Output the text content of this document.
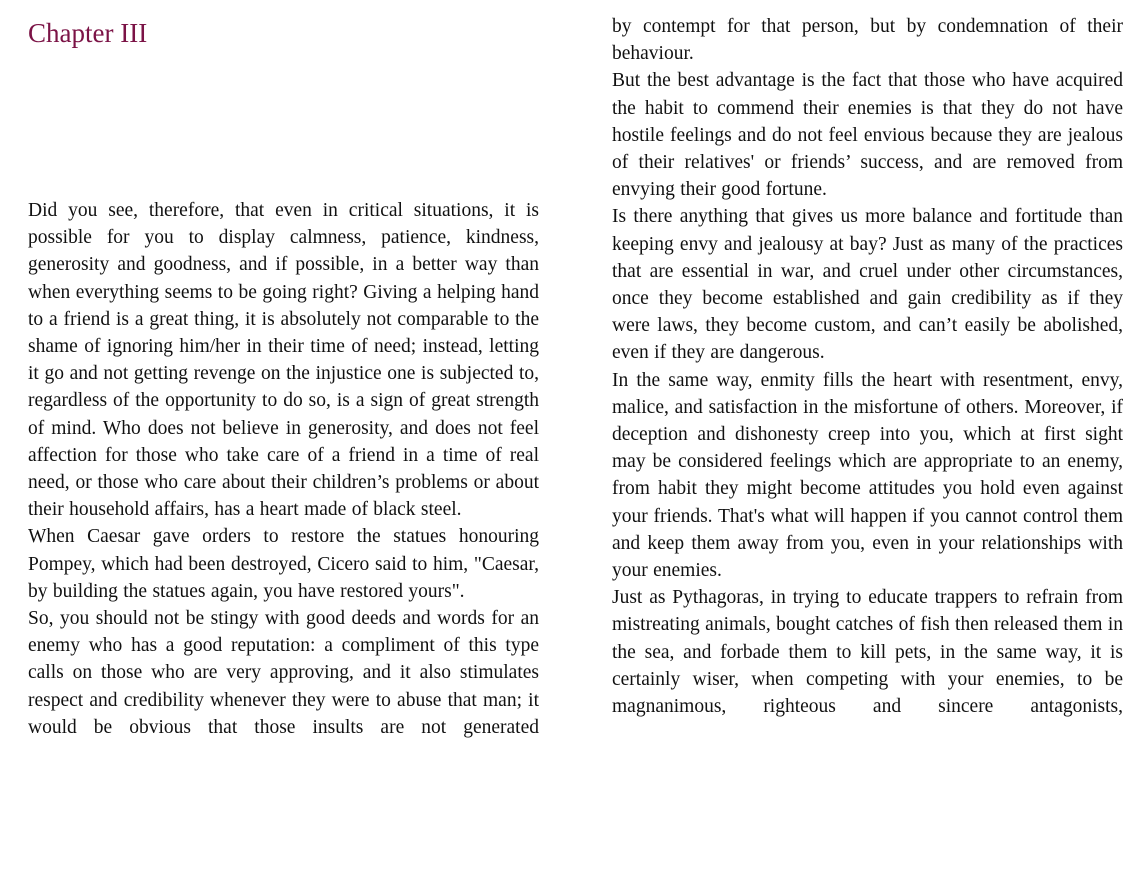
Chapter III

Did you see, therefore, that even in critical situations, it is possible for you to display calmness, patience, kindness, generosity and goodness, and if possible, in a better way than when everything seems to be going right? Giving a helping hand to a friend is a great thing, it is absolutely not comparable to the shame of ignoring him/her in their time of need; instead, letting it go and not getting revenge on the injustice one is subjected to, regardless of the opportunity to do so, is a sign of great strength of mind. Who does not believe in generosity, and does not feel affection for those who take care of a friend in a time of real need, or those who care about their children’s problems or about their household affairs, has a heart made of black steel.

When Caesar gave orders to restore the statues honouring Pompey, which had been destroyed, Cicero said to him, "Caesar, by building the statues again, you have restored yours".

So, you should not be stingy with good deeds and words for an enemy who has a good reputation: a compliment of this type calls on those who are very approving, and it also stimulates respect and credibility whenever they were to abuse that man; it would be obvious that those insults are not generated

by contempt for that person, but by condemnation of their behaviour.

But the best advantage is the fact that those who have acquired the habit to commend their enemies is that they do not have hostile feelings and do not feel envious because they are jealous of their relatives' or friends’ success, and are removed from envying their good fortune.

Is there anything that gives us more balance and fortitude than keeping envy and jealousy at bay? Just as many of the practices that are essential in war, and cruel under other circumstances, once they become established and gain credibility as if they were laws, they become custom, and can’t easily be abolished, even if they are dangerous.

In the same way, enmity fills the heart with resentment, envy, malice, and satisfaction in the misfortune of others. Moreover, if deception and dishonesty creep into you, which at first sight may be considered feelings which are appropriate to an enemy, from habit they might become attitudes you hold even against your friends. That's what will happen if you cannot control them and keep them away from you, even in your relationships with your enemies.

Just as Pythagoras, in trying to educate trappers to refrain from mistreating animals, bought catches of fish then released them in the sea, and forbade them to kill pets, in the same way, it is certainly wiser, when competing with your enemies, to be magnanimous, righteous and sincere antagonists,
